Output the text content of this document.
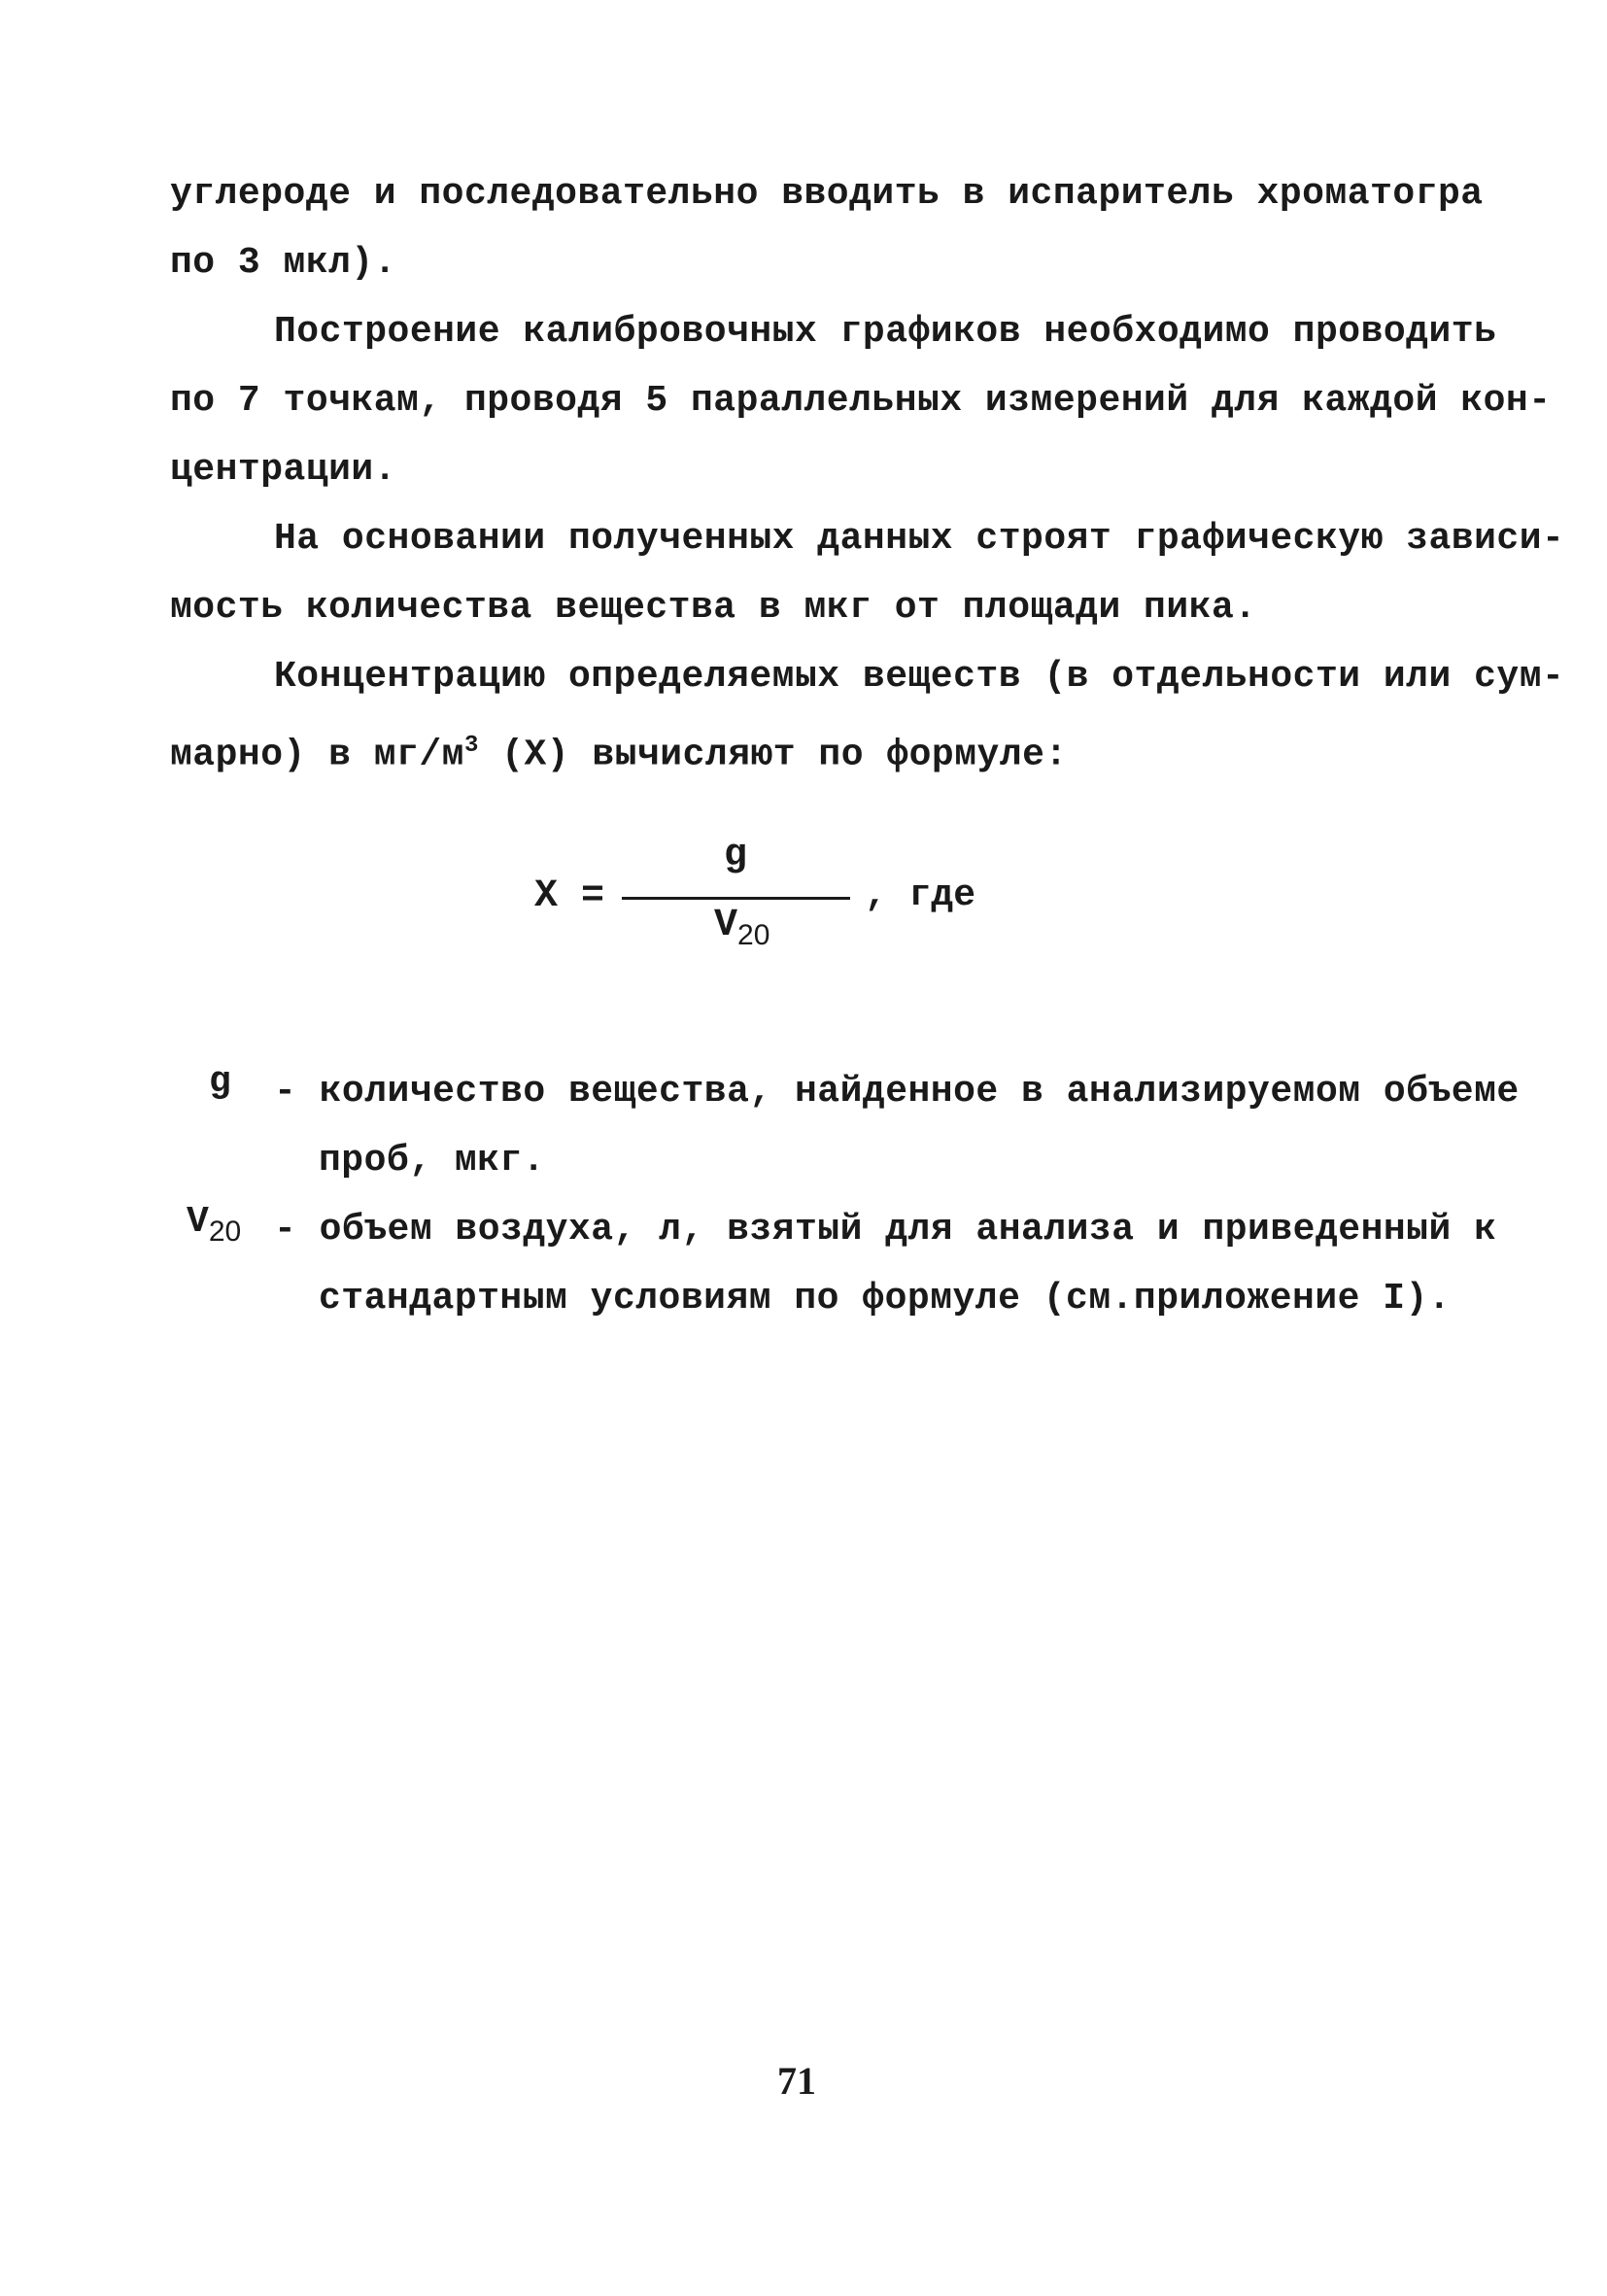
углероде и последовательно вводить в испаритель хроматогра
по 3 мкл).
Построение калибровочных графиков необходимо проводить
по 7 точкам, проводя 5 параллельных измерений для каждой кон-
центрации.
На основании полученных данных строят графическую зависи-
мость количества вещества в мкг от площади пика.
Концентрацию определяемых веществ (в отдельности или сум-
марно) в $мг/м^3$ (X) вычисляют по формуле:
X =
g
$V_{20}$
, где
g - количество вещества, найденное в анализируемом объеме
проб, мкг.
$V_{20}$ - объем воздуха, л, взятый для анализа и приведенный к
стандартным условиям по формуле (см.приложение I).
71
